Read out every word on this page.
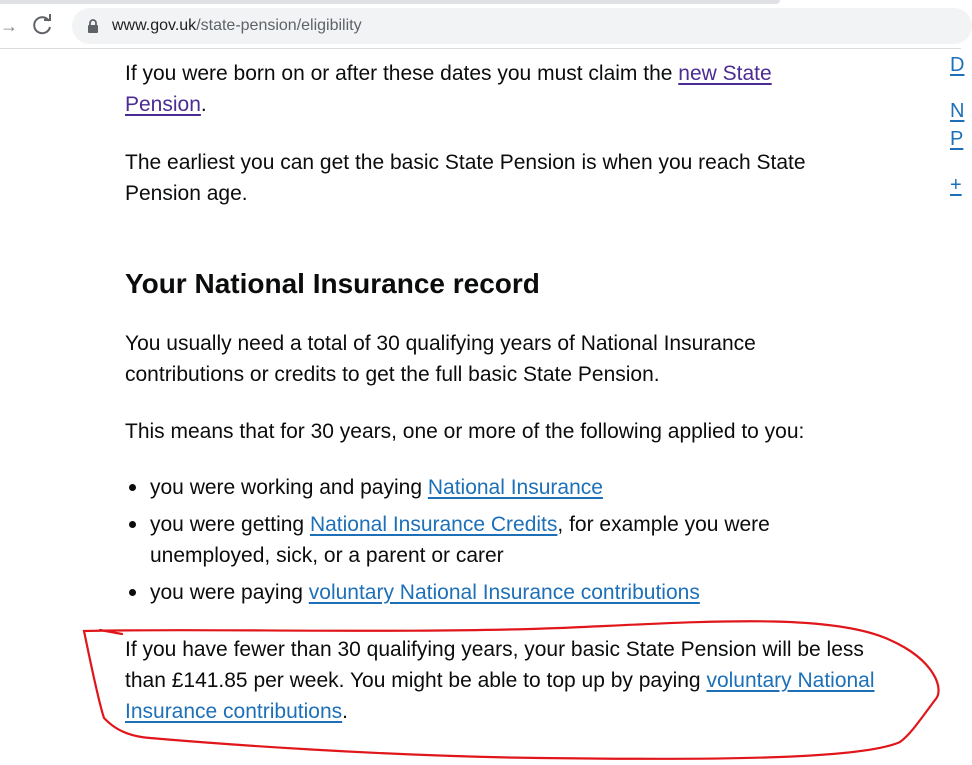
→	www.gov.uk/state-pension/eligibility

If you were born on or after these dates you must claim the new State Pension.

The earliest you can get the basic State Pension is when you reach State Pension age.

Your National Insurance record

You usually need a total of 30 qualifying years of National Insurance contributions or credits to get the full basic State Pension.

This means that for 30 years, one or more of the following applied to you:

you were working and paying National Insurance
you were getting National Insurance Credits, for example you were unemployed, sick, or a parent or carer
you were paying voluntary National Insurance contributions

If you have fewer than 30 qualifying years, your basic State Pension will be less than £141.85 per week. You might be able to top up by paying voluntary National Insurance contributions.

D
N
P
+
